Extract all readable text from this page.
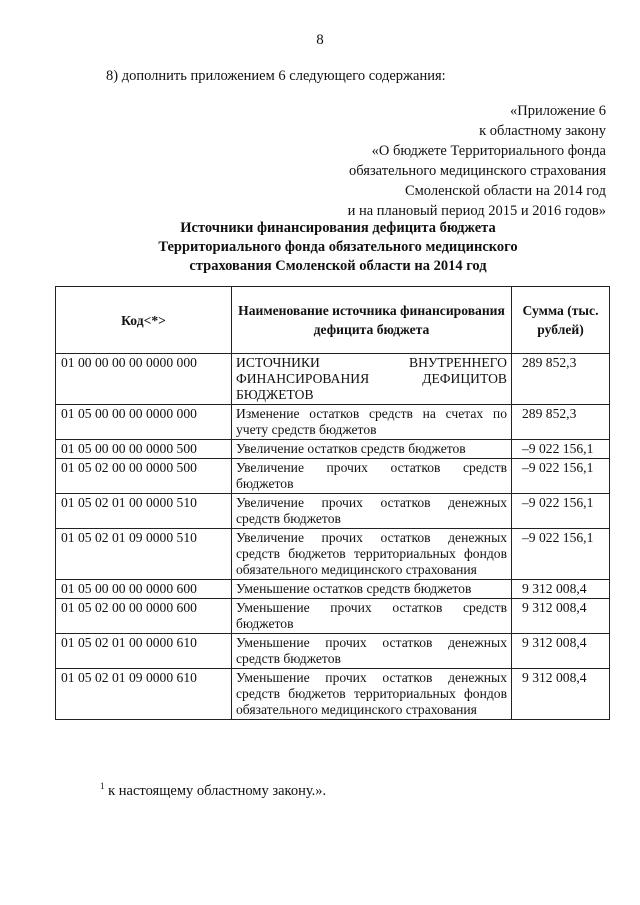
8
8) дополнить приложением 6 следующего содержания:
«Приложение 6
к областному закону
«О бюджете Территориального фонда
обязательного медицинского страхования
Смоленской области на 2014 год
и на плановый период 2015 и 2016 годов»
Источники финансирования дефицита бюджета
Территориального фонда обязательного медицинского
страхования Смоленской области на 2014 год
Код<*>	Наименование источника финансирования дефицита бюджета	Сумма (тыс. рублей)
01 00 00 00 00 0000 000	ИСТОЧНИКИ ВНУТРЕННЕГО ФИНАНСИРОВАНИЯ ДЕФИЦИТОВ БЮДЖЕТОВ	289 852,3
01 05 00 00 00 0000 000	Изменение остатков средств на счетах по учету средств бюджетов	289 852,3
01 05 00 00 00 0000 500	Увеличение остатков средств бюджетов	–9 022 156,1
01 05 02 00 00 0000 500	Увеличение прочих остатков средств бюджетов	–9 022 156,1
01 05 02 01 00 0000 510	Увеличение прочих остатков денежных средств бюджетов	–9 022 156,1
01 05 02 01 09 0000 510	Увеличение прочих остатков денежных средств бюджетов территориальных фондов обязательного медицинского страхования	–9 022 156,1
01 05 00 00 00 0000 600	Уменьшение остатков средств бюджетов	9 312 008,4
01 05 02 00 00 0000 600	Уменьшение прочих остатков средств бюджетов	9 312 008,4
01 05 02 01 00 0000 610	Уменьшение прочих остатков денежных средств бюджетов	9 312 008,4
01 05 02 01 09 0000 610	Уменьшение прочих остатков денежных средств бюджетов территориальных фондов обязательного медицинского страхования	9 312 008,4
$^1$ к настоящему областному закону.».
